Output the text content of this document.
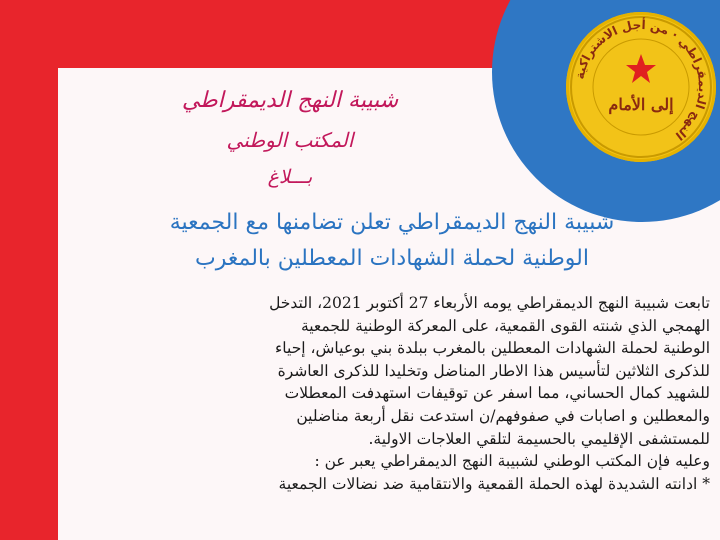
النهج الديمقراطي · من أجل الاشتراكية
إلى الأمام
شبيبة النهج الديمقراطي
المكتب الوطني
بـــلاغ
شبيبة النهج الديمقراطي تعلن تضامنها مع الجمعية
الوطنية لحملة الشهادات المعطلين بالمغرب

تابعت شبيبة النهج الديمقراطي يومه الأربعاء 27 أكتوبر 2021، التدخل

الهمجي الذي شنته القوى القمعية، على المعركة الوطنية للجمعية

الوطنية لحملة الشهادات المعطلين بالمغرب ببلدة بني بوعياش، إحياء

للذكرى الثلاثين لتأسيس هذا الاطار المناضل وتخليدا للذكرى العاشرة

للشهيد كمال الحساني، مما اسفر عن توقيفات استهدفت المعطلات

والمعطلين و اصابات في صفوفهم/ن استدعت نقل أربعة مناضلين

للمستشفى الإقليمي بالحسيمة لتلقي العلاجات الاولية.

وعليه فإن المكتب الوطني لشبيبة النهج الديمقراطي يعبر عن :

* ادانته الشديدة لهذه الحملة القمعية والانتقامية ضد نضالات الجمعية
